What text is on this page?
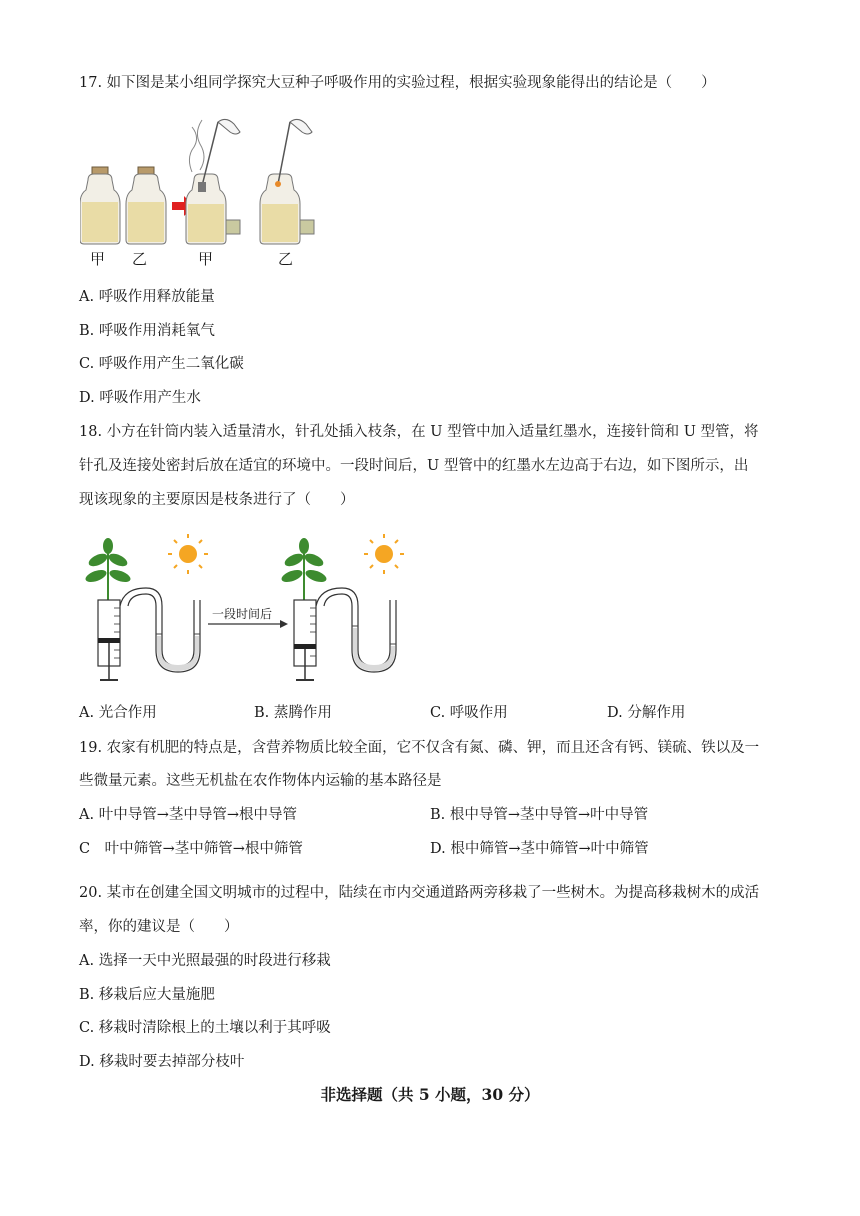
17. 如下图是某小组同学探究大豆种子呼吸作用的实验过程，根据实验现象能得出的结论是（　　）
甲 乙	甲	乙
A. 呼吸作用释放能量
B. 呼吸作用消耗氧气
C. 呼吸作用产生二氧化碳
D. 呼吸作用产生水
18. 小方在针筒内装入适量清水，针孔处插入枝条，在 U 型管中加入适量红墨水，连接针筒和 U 型管，将
针孔及连接处密封后放在适宜的环境中。一段时间后，U 型管中的红墨水左边高于右边，如下图所示，出
现该现象的主要原因是枝条进行了（　　）
一段时间后
A. 光合作用	B. 蒸腾作用	C. 呼吸作用	D. 分解作用
19. 农家有机肥的特点是，含营养物质比较全面，它不仅含有氮、磷、钾，而且还含有钙、镁硫、铁以及一
些微量元素。这些无机盐在农作物体内运输的基本路径是
A. 叶中导管→茎中导管→根中导管	B. 根中导管→茎中导管→叶中导管
C　叶中筛管→茎中筛管→根中筛管	D. 根中筛管→茎中筛管→叶中筛管
20. 某市在创建全国文明城市的过程中，陆续在市内交通道路两旁移栽了一些树木。为提高移栽树木的成活
率，你的建议是（　　）
A. 选择一天中光照最强的时段进行移栽
B. 移栽后应大量施肥
C. 移栽时清除根上的土壤以利于其呼吸
D. 移栽时要去掉部分枝叶
非选择题（共 5 小题，30 分）
